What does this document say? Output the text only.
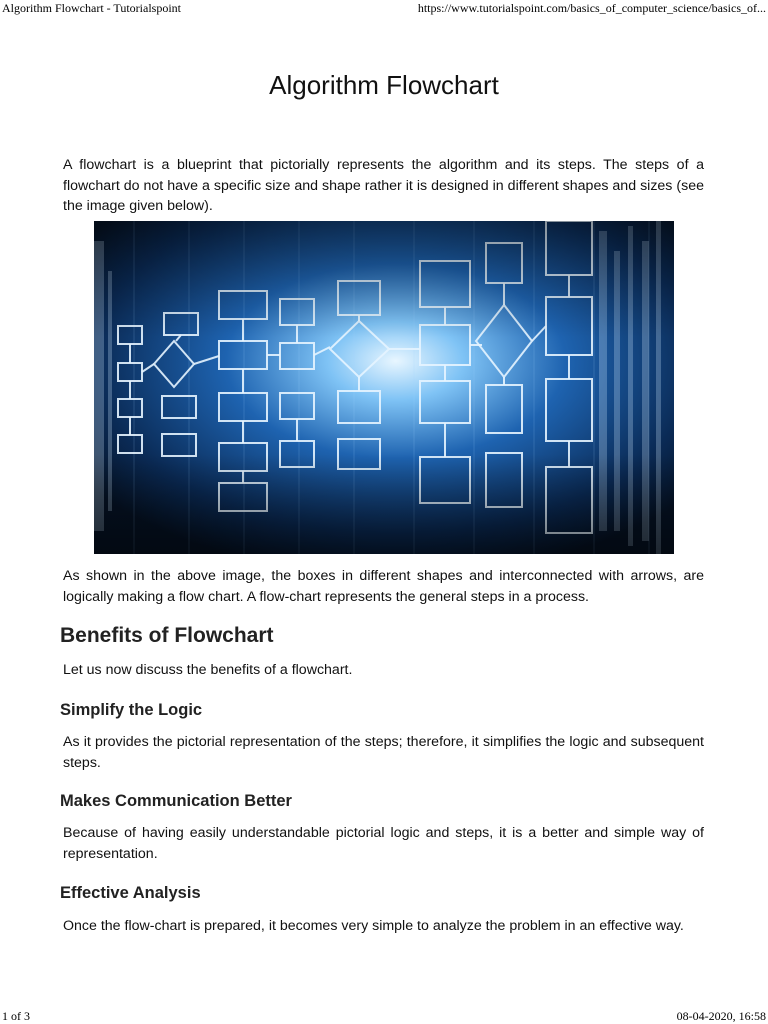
Algorithm Flowchart - Tutorialspoint	https://www.tutorialspoint.com/basics_of_computer_science/basics_of...
Algorithm Flowchart

A flowchart is a blueprint that pictorially represents the algorithm and its steps. The steps of a flowchart do not have a specific size and shape rather it is designed in different shapes and sizes (see the image given below).

As shown in the above image, the boxes in different shapes and interconnected with arrows, are logically making a flow chart. A flow-chart represents the general steps in a process.

Benefits of Flowchart

Let us now discuss the benefits of a flowchart.

Simplify the Logic

As it provides the pictorial representation of the steps; therefore, it simplifies the logic and subsequent steps.

Makes Communication Better

Because of having easily understandable pictorial logic and steps, it is a better and simple way of representation.

Effective Analysis

Once the flow-chart is prepared, it becomes very simple to analyze the problem in an effective way.

1 of 3	08-04-2020, 16:58
